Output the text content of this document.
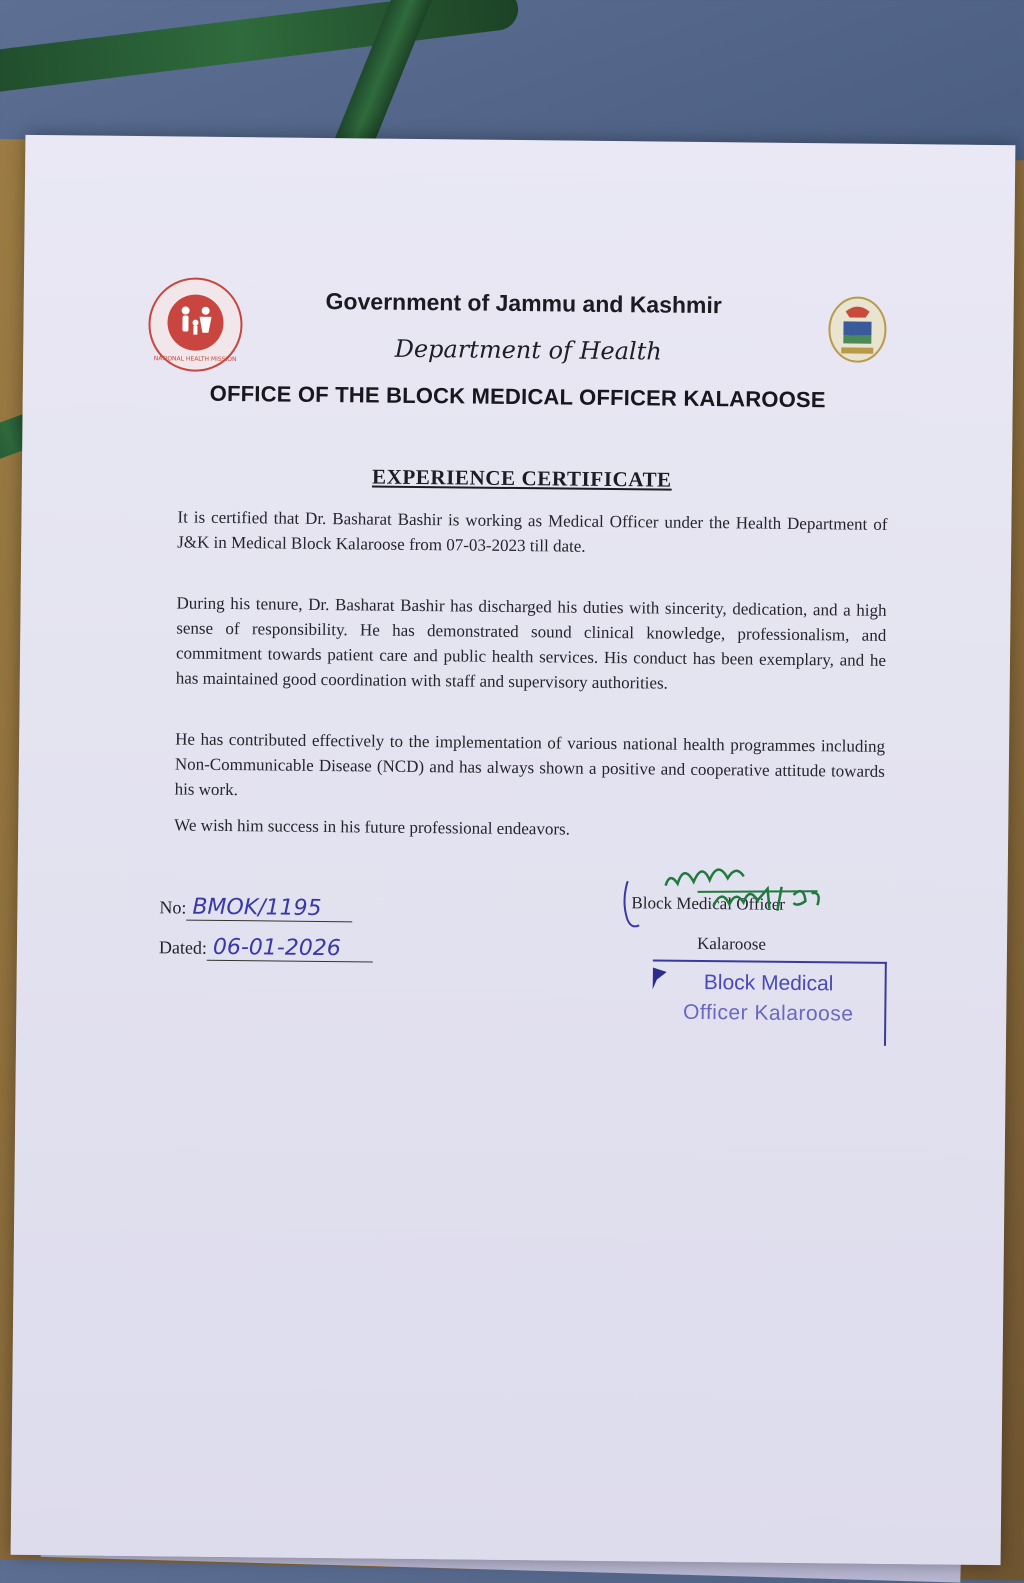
NATIONAL HEALTH MISSION
Government of Jammu and Kashmir
Department of Health
OFFICE OF THE BLOCK MEDICAL OFFICER KALAROOSE
EXPERIENCE CERTIFICATE
It is certified that Dr. Basharat Bashir is working as Medical Officer under the Health Department of J&K in Medical Block Kalaroose from 07-03-2023 till date.
During his tenure, Dr. Basharat Bashir has discharged his duties with sincerity, dedication, and a high sense of responsibility. He has demonstrated sound clinical knowledge, professionalism, and commitment towards patient care and public health services. His conduct has been exemplary, and he has maintained good coordination with staff and supervisory authorities.
He has contributed effectively to the implementation of various national health programmes including Non-Communicable Disease (NCD) and has always shown a positive and cooperative attitude towards his work.
We wish him success in his future professional endeavors.
No: BMOK/1195
Dated: 06-01-2026
Block Medical Officer
Kalaroose
Block Medical
Officer Kalaroose
